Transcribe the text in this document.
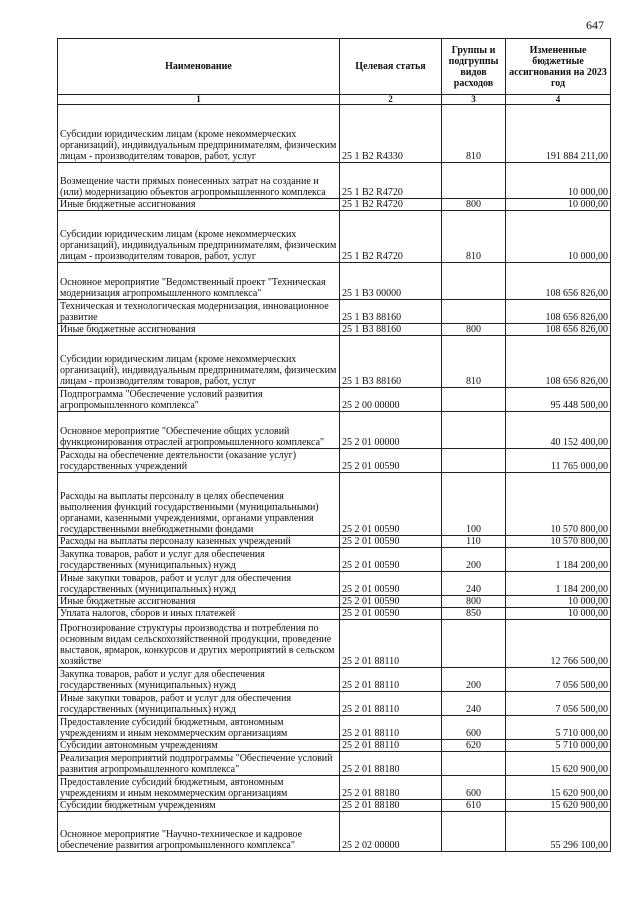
647
Наименование	Целевая статья	Группы и подгруппы видов расходов	Измененные бюджетные ассигнования на 2023 год
1	2	3	4
Субсидии юридическим лицам (кроме некоммерческих организаций), индивидуальным предпринимателям, физическим лицам - производителям товаров, работ, услуг	25 1 В2 R4330	810	191 884 211,00
Возмещение части прямых понесенных затрат на создание и (или) модернизацию объектов агропромышленного комплекса	25 1 В2 R4720		10 000,00
Иные бюджетные ассигнования	25 1 В2 R4720	800	10 000,00
Субсидии юридическим лицам (кроме некоммерческих организаций), индивидуальным предпринимателям, физическим лицам - производителям товаров, работ, услуг	25 1 В2 R4720	810	10 000,00
Основное мероприятие "Ведомственный проект "Техническая модернизация агропромышленного комплекса"	25 1 В3 00000		108 656 826,00
Техническая и технологическая модернизация, инновационное развитие	25 1 В3 88160		108 656 826,00
Иные бюджетные ассигнования	25 1 В3 88160	800	108 656 826,00
Субсидии юридическим лицам (кроме некоммерческих организаций), индивидуальным предпринимателям, физическим лицам - производителям товаров, работ, услуг	25 1 В3 88160	810	108 656 826,00
Подпрограмма "Обеспечение условий развития агропромышленного комплекса"	25 2 00 00000		95 448 500,00
Основное мероприятие "Обеспечение общих условий функционирования отраслей агропромышленного комплекса"	25 2 01 00000		40 152 400,00
Расходы на обеспечение деятельности (оказание услуг) государственных учреждений	25 2 01 00590		11 765 000,00
Расходы на выплаты персоналу в целях обеспечения выполнения функций государственными (муниципальными) органами, казенными учреждениями, органами управления государственными внебюджетными фондами	25 2 01 00590	100	10 570 800,00
Расходы на выплаты персоналу казенных учреждений	25 2 01 00590	110	10 570 800,00
Закупка товаров, работ и услуг для обеспечения государственных (муниципальных) нужд	25 2 01 00590	200	1 184 200,00
Иные закупки товаров, работ и услуг для обеспечения государственных (муниципальных) нужд	25 2 01 00590	240	1 184 200,00
Иные бюджетные ассигнования	25 2 01 00590	800	10 000,00
Уплата налогов, сборов и иных платежей	25 2 01 00590	850	10 000,00
Прогнозирование структуры производства и потребления по основным видам сельскохозяйственной продукции, проведение выставок, ярмарок, конкурсов и других мероприятий в сельском хозяйстве	25 2 01 88110		12 766 500,00
Закупка товаров, работ и услуг для обеспечения государственных (муниципальных) нужд	25 2 01 88110	200	7 056 500,00
Иные закупки товаров, работ и услуг для обеспечения государственных (муниципальных) нужд	25 2 01 88110	240	7 056 500,00
Предоставление субсидий бюджетным, автономным учреждениям и иным некоммерческим организациям	25 2 01 88110	600	5 710 000,00
Субсидии автономным учреждениям	25 2 01 88110	620	5 710 000,00
Реализация мероприятий подпрограммы "Обеспечение условий развития агропромышленного комплекса"	25 2 01 88180		15 620 900,00
Предоставление субсидий бюджетным, автономным учреждениям и иным некоммерческим организациям	25 2 01 88180	600	15 620 900,00
Субсидии бюджетным учреждениям	25 2 01 88180	610	15 620 900,00
Основное мероприятие "Научно-техническое и кадровое обеспечение развития агропромышленного комплекса"	25 2 02 00000		55 296 100,00
